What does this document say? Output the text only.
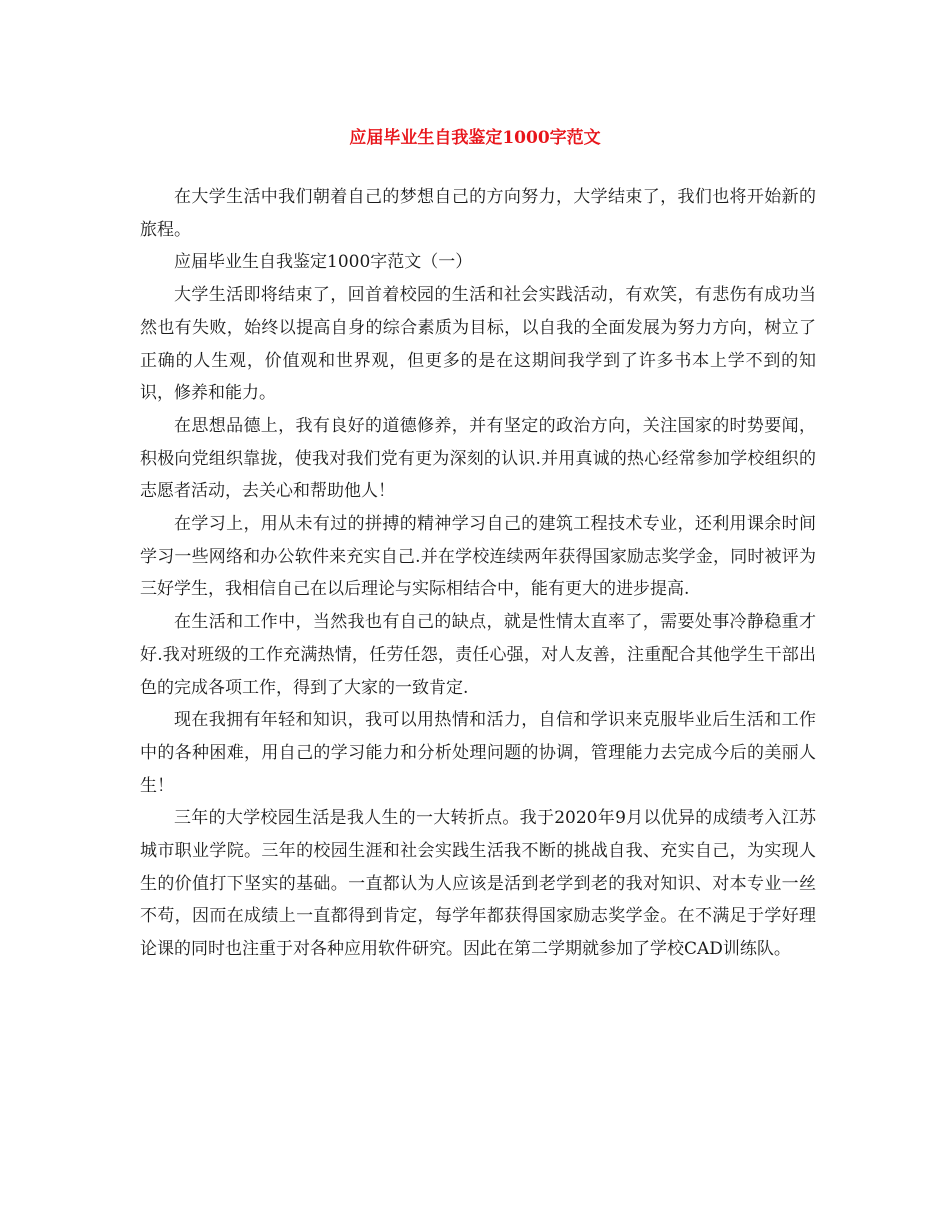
应届毕业生自我鉴定1000字范文

在大学生活中我们朝着自己的梦想自己的方向努力，大学结束了，我们也将开始新的旅程。

应届毕业生自我鉴定1000字范文（一）

大学生活即将结束了，回首着校园的生活和社会实践活动，有欢笑，有悲伤有成功当然也有失败，始终以提高自身的综合素质为目标，以自我的全面发展为努力方向，树立了正确的人生观，价值观和世界观，但更多的是在这期间我学到了许多书本上学不到的知识，修养和能力。

在思想品德上，我有良好的道德修养，并有坚定的政治方向，关注国家的时势要闻，积极向党组织靠拢，使我对我们党有更为深刻的认识.并用真诚的热心经常参加学校组织的志愿者活动，去关心和帮助他人！

在学习上，用从未有过的拼搏的精神学习自己的建筑工程技术专业，还利用课余时间学习一些网络和办公软件来充实自己.并在学校连续两年获得国家励志奖学金，同时被评为三好学生，我相信自己在以后理论与实际相结合中，能有更大的进步提高.

在生活和工作中，当然我也有自己的缺点，就是性情太直率了，需要处事冷静稳重才好.我对班级的工作充满热情，任劳任怨，责任心强，对人友善，注重配合其他学生干部出色的完成各项工作，得到了大家的一致肯定.

现在我拥有年轻和知识，我可以用热情和活力，自信和学识来克服毕业后生活和工作中的各种困难，用自己的学习能力和分析处理问题的协调，管理能力去完成今后的美丽人生！

三年的大学校园生活是我人生的一大转折点。我于2020年9月以优异的成绩考入江苏城市职业学院。三年的校园生涯和社会实践生活我不断的挑战自我、充实自己，为实现人生的价值打下坚实的基础。一直都认为人应该是活到老学到老的我对知识、对本专业一丝不苟，因而在成绩上一直都得到肯定，每学年都获得国家励志奖学金。在不满足于学好理论课的同时也注重于对各种应用软件研究。因此在第二学期就参加了学校CAD训练队。
